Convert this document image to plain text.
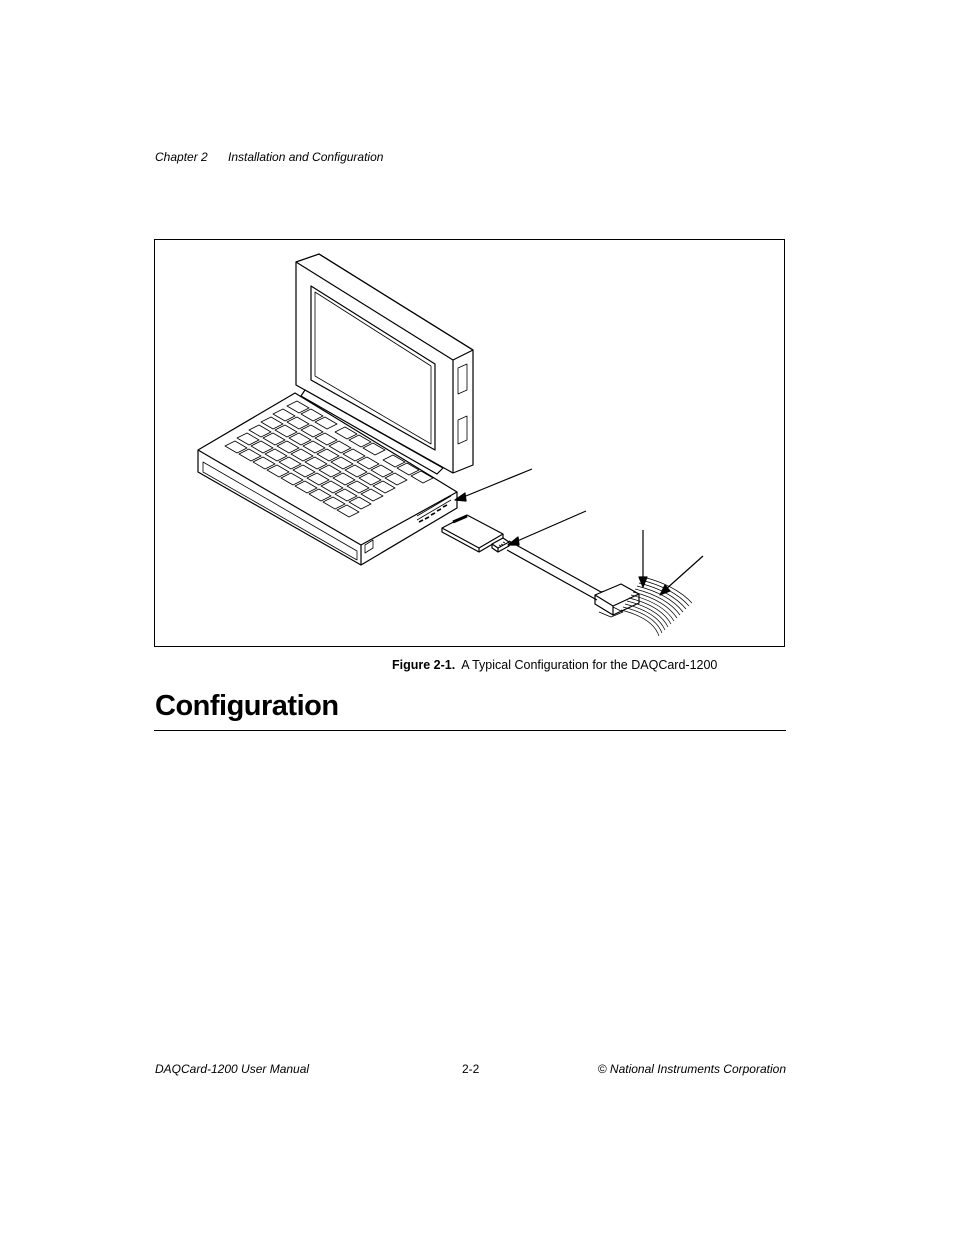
Chapter 2	Installation and Configuration
Figure 2-1. A Typical Configuration for the DAQCard-1200
Configuration
DAQCard-1200 User Manual	2-2	© National Instruments Corporation
